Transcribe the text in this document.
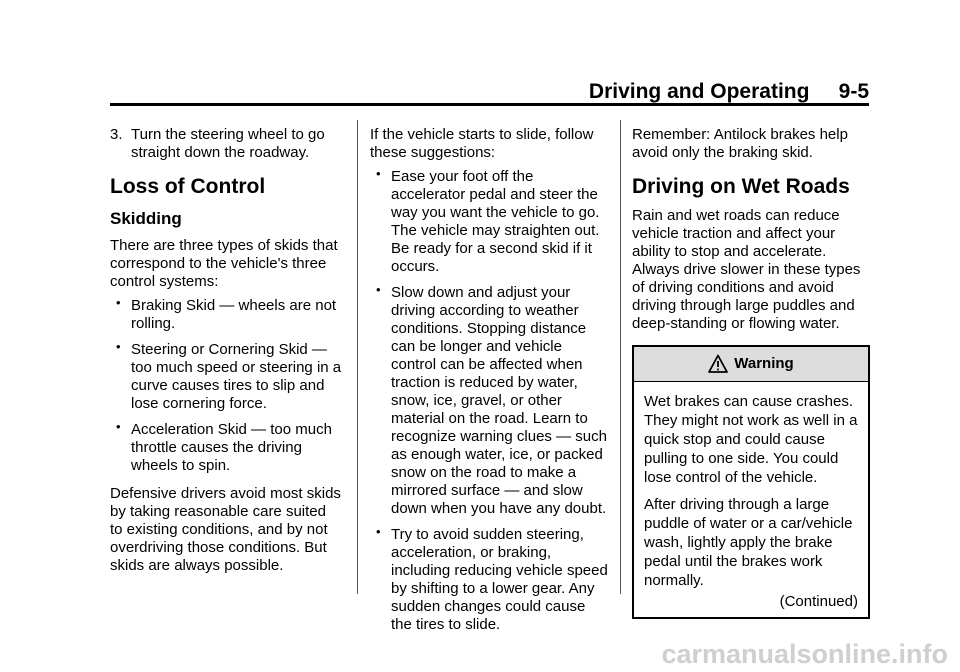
Driving and Operating 9-5
3. Turn the steering wheel to go straight down the roadway.
Loss of Control
Skidding

There are three types of skids that correspond to the vehicle's three control systems:

• Braking Skid — wheels are not rolling.
• Steering or Cornering Skid — too much speed or steering in a curve causes tires to slip and lose cornering force.
• Acceleration Skid — too much throttle causes the driving wheels to spin.

Defensive drivers avoid most skids by taking reasonable care suited to existing conditions, and by not overdriving those conditions. But skids are always possible.

If the vehicle starts to slide, follow these suggestions:

• Ease your foot off the accelerator pedal and steer the way you want the vehicle to go. The vehicle may straighten out. Be ready for a second skid if it occurs.
• Slow down and adjust your driving according to weather conditions. Stopping distance can be longer and vehicle control can be affected when traction is reduced by water, snow, ice, gravel, or other material on the road. Learn to recognize warning clues — such as enough water, ice, or packed snow on the road to make a mirrored surface — and slow down when you have any doubt.
• Try to avoid sudden steering, acceleration, or braking, including reducing vehicle speed by shifting to a lower gear. Any sudden changes could cause the tires to slide.

Remember: Antilock brakes help avoid only the braking skid.

Driving on Wet Roads

Rain and wet roads can reduce vehicle traction and affect your ability to stop and accelerate. Always drive slower in these types of driving conditions and avoid driving through large puddles and deep-standing or flowing water.

Warning

Wet brakes can cause crashes. They might not work as well in a quick stop and could cause pulling to one side. You could lose control of the vehicle.

After driving through a large puddle of water or a car/vehicle wash, lightly apply the brake pedal until the brakes work normally.

(Continued)
carmanualsonline.info
